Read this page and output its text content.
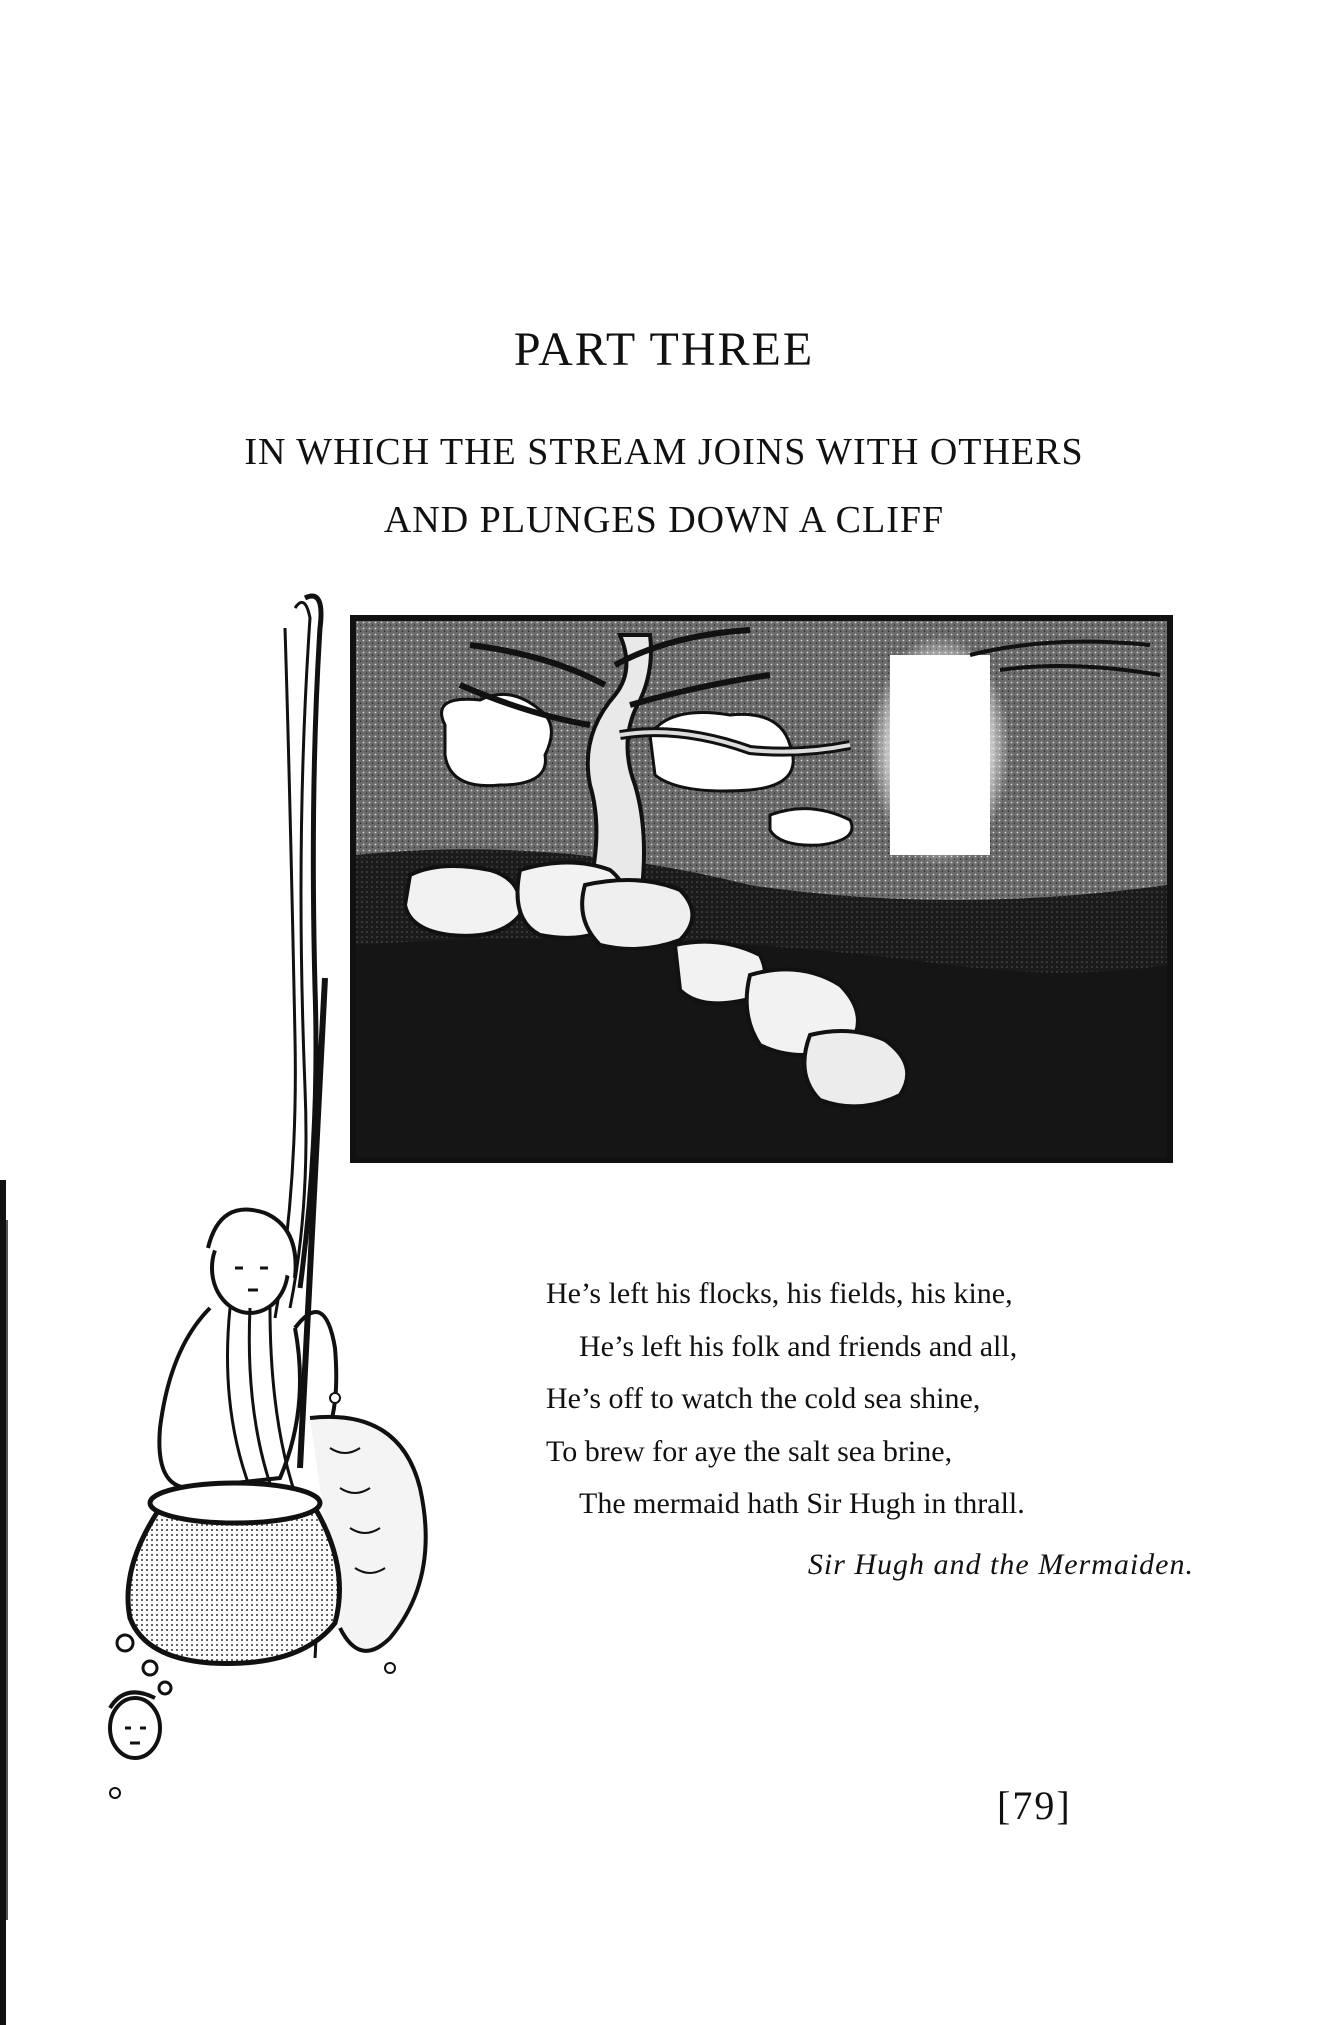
PART THREE
IN WHICH THE STREAM JOINS WITH OTHERS
AND PLUNGES DOWN A CLIFF
He’s left his flocks, his fields, his kine,
He’s left his folk and friends and all,
He’s off to watch the cold sea shine,
To brew for aye the salt sea brine,
The mermaid hath Sir Hugh in thrall.
Sir Hugh and the Mermaiden.
[79]
